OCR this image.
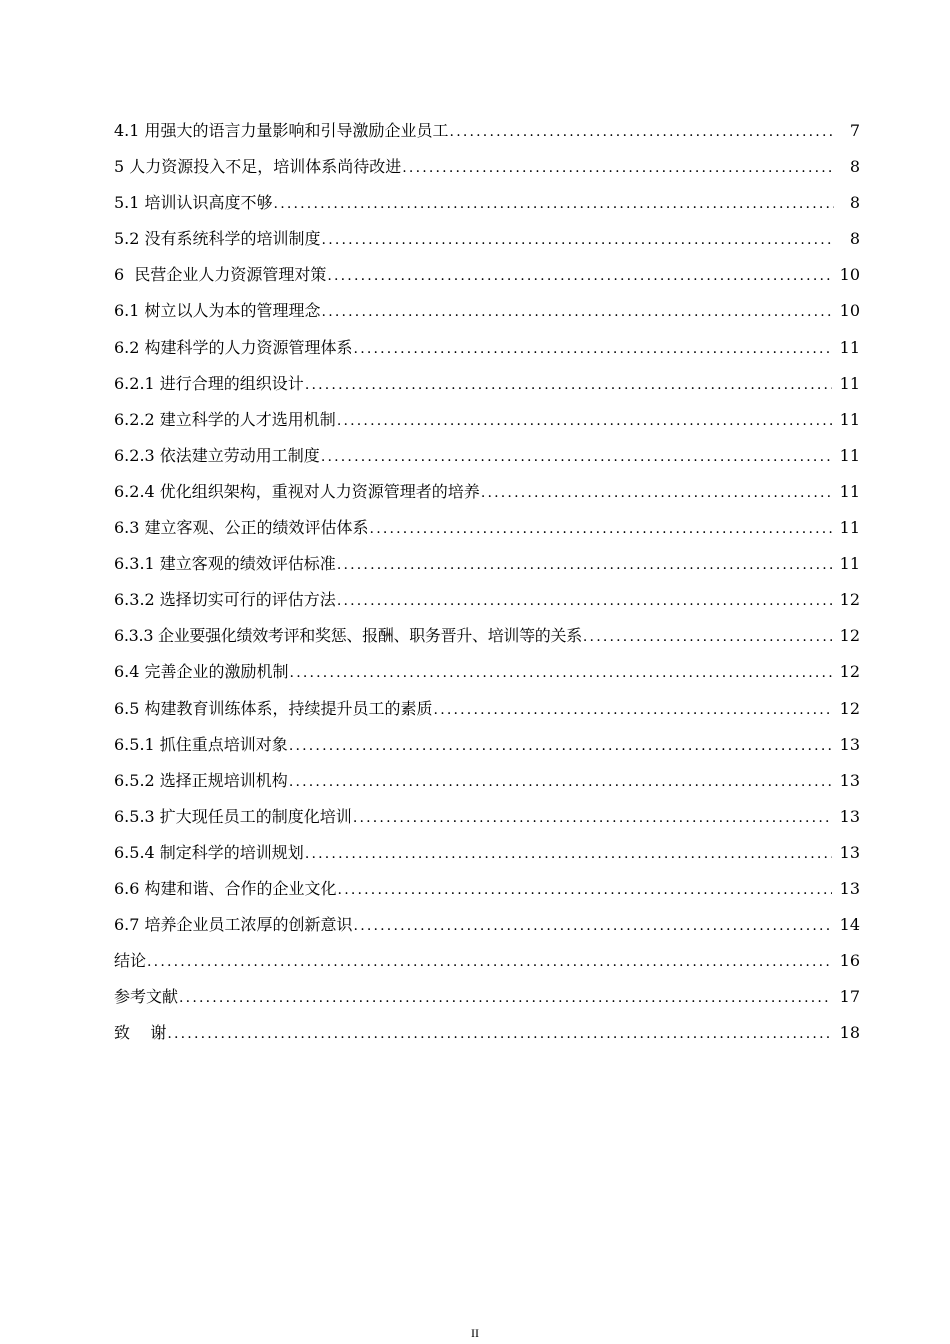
4.1 用强大的语言力量影响和引导激励企业员工 .....	7
5 人力资源投入不足，培训体系尚待改进 .....	8
5.1 培训认识高度不够 .....	8
5.2 没有系统科学的培训制度 .....	8
6  民营企业人力资源管理对策 .....	10
6.1 树立以人为本的管理理念 .....	10
6.2 构建科学的人力资源管理体系 .....	11
6.2.1 进行合理的组织设计 .....	11
6.2.2 建立科学的人才选用机制 .....	11
6.2.3 依法建立劳动用工制度 .....	11
6.2.4 优化组织架构，重视对人力资源管理者的培养 .....	11
6.3 建立客观、公正的绩效评估体系 .....	11
6.3.1 建立客观的绩效评估标准 .....	11
6.3.2 选择切实可行的评估方法 .....	12
6.3.3 企业要强化绩效考评和奖惩、报酬、职务晋升、培训等的关系 .....	12
6.4 完善企业的激励机制 .....	12
6.5 构建教育训练体系，持续提升员工的素质 .....	12
6.5.1 抓住重点培训对象 .....	13
6.5.2 选择正规培训机构 .....	13
6.5.3 扩大现任员工的制度化培训 .....	13
6.5.4 制定科学的培训规划 .....	13
6.6 构建和谐、合作的企业文化 .....	13
6.7 培养企业员工浓厚的创新意识 .....	14
结论 .....	16
参考文献 .....	17
致    谢 .....	18
II
